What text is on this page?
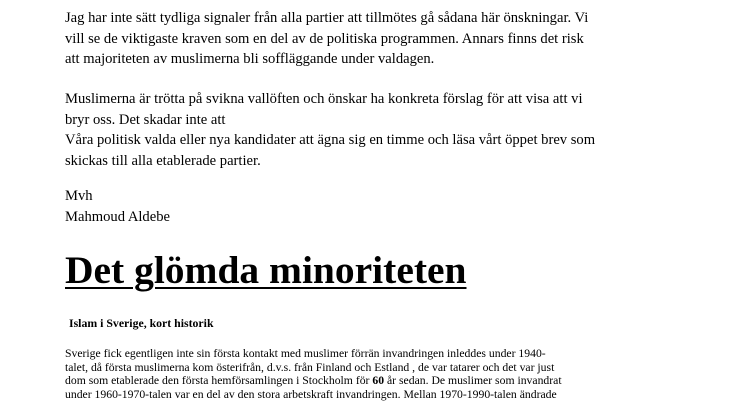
Jag har inte sätt tydliga signaler från alla partier att tillmötes gå sådana här önskningar. Vi
vill se de viktigaste kraven som en del av de politiska programmen. Annars finns det risk
att majoriteten av muslimerna bli soffläggande under valdagen.
Muslimerna är trötta på svikna vallöften och önskar ha konkreta förslag för att visa att vi
bryr oss. Det skadar inte att
Våra politisk valda eller nya kandidater att ägna sig en timme och läsa vårt öppet brev som
skickas till alla etablerade partier.
Mvh
Mahmoud Aldebe
Det glömda minoriteten
Islam i Sverige, kort historik
Sverige fick egentligen inte sin första kontakt med muslimer förrän invandringen inleddes under 1940-
talet, då första muslimerna kom österifrån, d.v.s. från Finland och Estland , de var tatarer och det var just
dom som etablerade den första hemförsamlingen i Stockholm för 60 år sedan. De muslimer som invandrat
under 1960-1970-talen var en del av den stora arbetskraft invandringen. Mellan 1970-1990-talen ändrade
